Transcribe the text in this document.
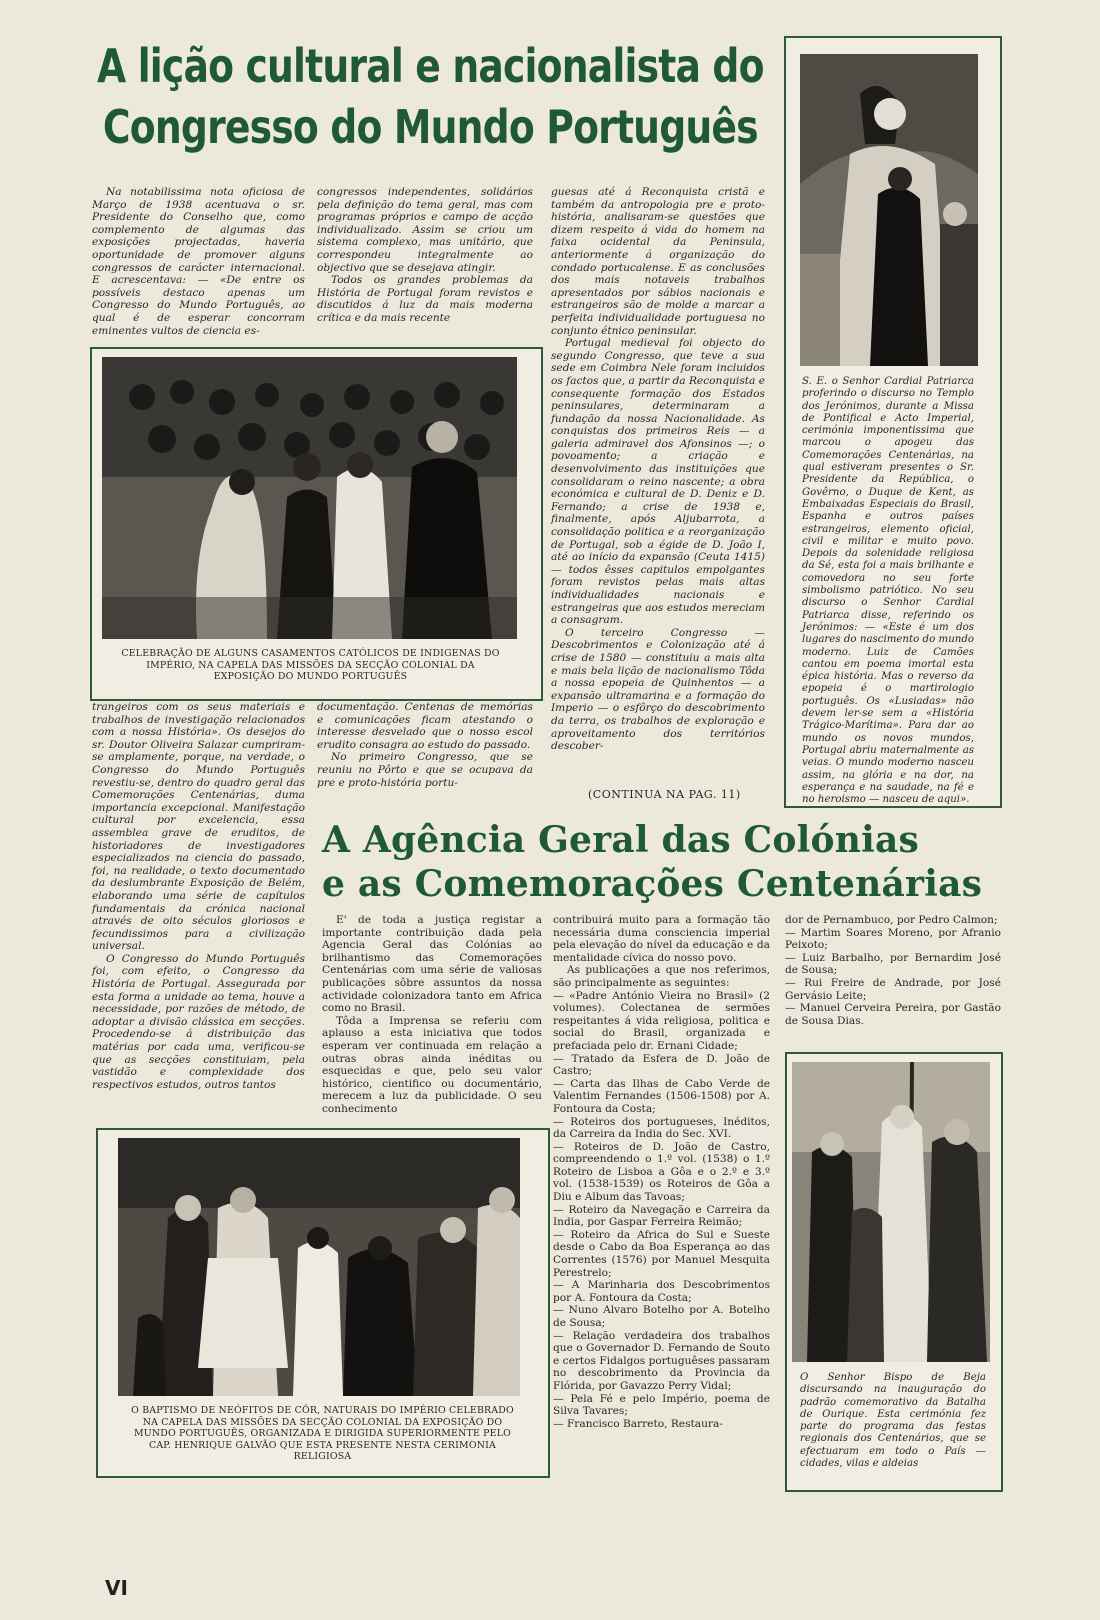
A lição cultural e nacionalista do Congresso do Mundo Português

Na notabilissima nota oficiosa de Março de 1938 acentuava o sr. Presidente do Conselho que, como complemento de algumas das exposições projectadas, haveria oportunidade de promover alguns congressos de carácter internacional. E acrescentava: — «De entre os possíveis destaco apenas um Congresso do Mundo Português, ao qual é de esperar concorram eminentes vultos de ciencia es-

congressos independentes, solidários pela definição do tema geral, mas com programas próprios e campo de acção individualizado. Assim se criou um sistema complexo, mas unitário, que correspondeu integralmente ao objectivo que se desejava atingir.

Todos os grandes problemas da História de Portugal foram revistos e discutidos á luz da mais moderna crítica e da mais recente

guesas até á Reconquista cristã e também da antropologia pre e proto-história, analisaram-se questões que dizem respeito á vida do homem na faixa ocidental da Peninsula, anteriormente á organização do condado portucalense. E as conclusões dos mais notaveis trabalhos apresentados por sábios nacionais e estrangeiros são de molde a marcar a perfeita individualidade portuguesa no conjunto étnico peninsular.

Portugal medieval foi objecto do segundo Congresso, que teve a sua sede em Coimbra Nele foram incluidos os factos que, a partir da Reconquista e consequente formação dos Estados peninsulares, determinaram a fundação da nossa Nacionalidade. As conquistas dos primeiros Reis — a galeria admiravel dos Afonsinos —; o povoamento; a criação e desenvolvimento das instituições que consolidaram o reino nascente; a obra económica e cultural de D. Deniz e D. Fernando; a crise de 1938 e, finalmente, após Aljubarrota, a consolidação politica e a reorganização de Portugal, sob a égide de D. João I, até ao início da expansão (Ceuta 1415) — todos êsses capitulos empolgantes foram revistos pelas mais altas individualidades nacionais e estrangeiras que aos estudos mereciam a consagram.

O terceiro Congresso — Descobrimentos e Colonização até á crise de 1580 — constituiu a mais alta e mais bela lição de nacionalismo Tôda a nossa epopeia de Quinhentos — a expansão ultramarina e a formação do Imperio — o esfôrço do descobrimento da terra, os trabalhos de exploração e aproveitamento dos territórios descober-

(CONTINUA NA PAG. 11)
CELEBRAÇÃO DE ALGUNS CASAMENTOS CATÓLICOS DE INDIGENAS DO IMPÉRIO, NA CAPELA DAS MISSÕES DA SECÇÃO COLONIAL DA EXPOSIÇÃO DO MUNDO PORTUGUÊS

trangeiros com os seus materiais e trabalhos de investigação relacionados com a nossa História». Os desejos do sr. Doutor Oliveira Salazar cumpriram-se amplamente, porque, na verdade, o Congresso do Mundo Português revestiu-se, dentro do quadro geral das Comemorações Centenárias, duma importancia excepcional. Manifestação cultural por excelencia, essa assemblea grave de eruditos, de historiadores de investigadores especializados na ciencia do passado, foi, na realidade, o texto documentado da deslumbrante Exposição de Belém, elaborando uma série de capítulos fundamentais da crónica nacional através de oito séculos gloriosos e fecundissimos para a civilização universal.

O Congresso do Mundo Português foi, com efeito, o Congresso da História de Portugal. Assegurada por esta forma a unidade ao tema, houve a necessidade, por razões de método, de adoptar a divisão clássica em secções. Procedendo-se á distribuição das matérias por cada uma, verificou-se que as secções constituiam, pela vastidão e complexidade dos respectivos estudos, outros tantos

documentação. Centenas de memórias e comunicações ficam atestando o interesse desvelado que o nosso escol erudito consagra ao estudo do passado.

No primeiro Congresso, que se reuniu no Pôrto e que se ocupava da pre e proto-história portu-

S. E. o Senhor Cardial Patriarca proferindo o discurso no Templo dos Jerónimos, durante a Missa de Pontifical e Acto Imperial, cerimónia imponentissima que marcou o apogeu das Comemorações Centenárias, na qual estiveram presentes o Sr. Presidente da República, o Govêrno, o Duque de Kent, as Embaixadas Especiais do Brasil, Espanha e outros países estrangeiros, elemento oficial, civil e militar e muito povo. Depois da solenidade religiosa da Sé, esta foi a mais brilhante e comovedora no seu forte simbolismo patriótico. No seu discurso o Senhor Cardial Patriarca disse, referindo os Jerónimos: — «Este é um dos lugares do nascimento do mundo moderno. Luiz de Camões cantou em poema imortal esta épica história. Mas o reverso da epopeia é o martirologio português. Os «Lusiadas» não devem ler-se sem a «História Trágico-Marítima». Para dar ao mundo os novos mundos, Portugal abriu maternalmente as veias. O mundo moderno nasceu assim, na glória e na dor, na esperança e na saudade, na fé e no heroismo — nasceu de aqui».
A Agência Geral das Colónias
e as Comemorações Centenárias

E' de toda a justiça registar a importante contribuição dada pela Agencia Geral das Colónias ao brilhantismo das Comemorações Centenárias com uma série de valiosas publicações sôbre assuntos da nossa actividade colonizadora tanto em Africa como no Brasil.

Tôda a Imprensa se referiu com aplauso a esta iniciativa que todos esperam ver continuada em relação a outras obras ainda inéditas ou esquecidas e que, pelo seu valor histórico, cientifico ou documentário, merecem a luz da publicidade. O seu conhecimento

contribuirá muito para a formação tão necessária duma consciencia imperial pela elevação do nível da educação e da mentalidade cívica do nosso povo.

As publicações a que nos referimos, são principalmente as seguintes:

— «Padre António Vieira no Brasil» (2 volumes). Colectanea de sermões respeitantes á vida religiosa, politica e social do Brasil, organizada e prefaciada pelo dr. Ernani Cidade;

— Tratado da Esfera de D. João de Castro;

— Carta das Ilhas de Cabo Verde de Valentim Fernandes (1506-1508) por A. Fontoura da Costa;

— Roteiros dos portugueses, Inéditos, da Carreira da India do Sec. XVI.

— Roteiros de D. João de Castro, compreendendo o 1.º vol. (1538) o 1.º Roteiro de Lisboa a Gôa e o 2.º e 3.º vol. (1538-1539) os Roteiros de Gôa a Diu e Album das Tavoas;

— Roteiro da Navegação e Carreira da India, por Gaspar Ferreira Reimão;

— Roteiro da Africa do Sul e Sueste desde o Cabo da Boa Esperança ao das Correntes (1576) por Manuel Mesquita Perestrelo;

— A Marinharia dos Descobrimentos por A. Fontoura da Costa;

— Nuno Alvaro Botelho por A. Botelho de Sousa;

— Relação verdadeira dos trabalhos que o Governador D. Fernando de Souto e certos Fidalgos portuguêses passaram no descobrimento da Provincia da Flórida, por Gavazzo Perry Vidal;

— Pela Fé e pelo Império, poema de Silva Tavares;

— Francisco Barreto, Restaura-

dor de Pernambuco, por Pedro Calmon;

— Martim Soares Moreno, por Afranio Peixoto;

— Luiz Barbalho, por Bernardim José de Sousa;

— Rui Freire de Andrade, por José Gervásio Leite;

— Manuel Cerveira Pereira, por Gastão de Sousa Dias.

O BAPTISMO DE NEÓFITOS DE CÔR, NATURAIS DO IMPÉRIO CELEBRADO NA CAPELA DAS MISSÕES DA SECÇÃO COLONIAL DA EXPOSIÇÃO DO MUNDO PORTUGUÊS, ORGANIZADA E DIRIGIDA SUPERIORMENTE PELO CAP. HENRIQUE GALVÃO QUE ESTA PRESENTE NESTA CERIMONIA RELIGIOSA
O Senhor Bispo de Beja discursando na inauguração do padrão comemorativo da Batalha de Ourique. Esta cerimónia fez parte do programa das festas regionais dos Centenários, que se efectuaram em todo o País — cidades, vilas e aldeias
VI
